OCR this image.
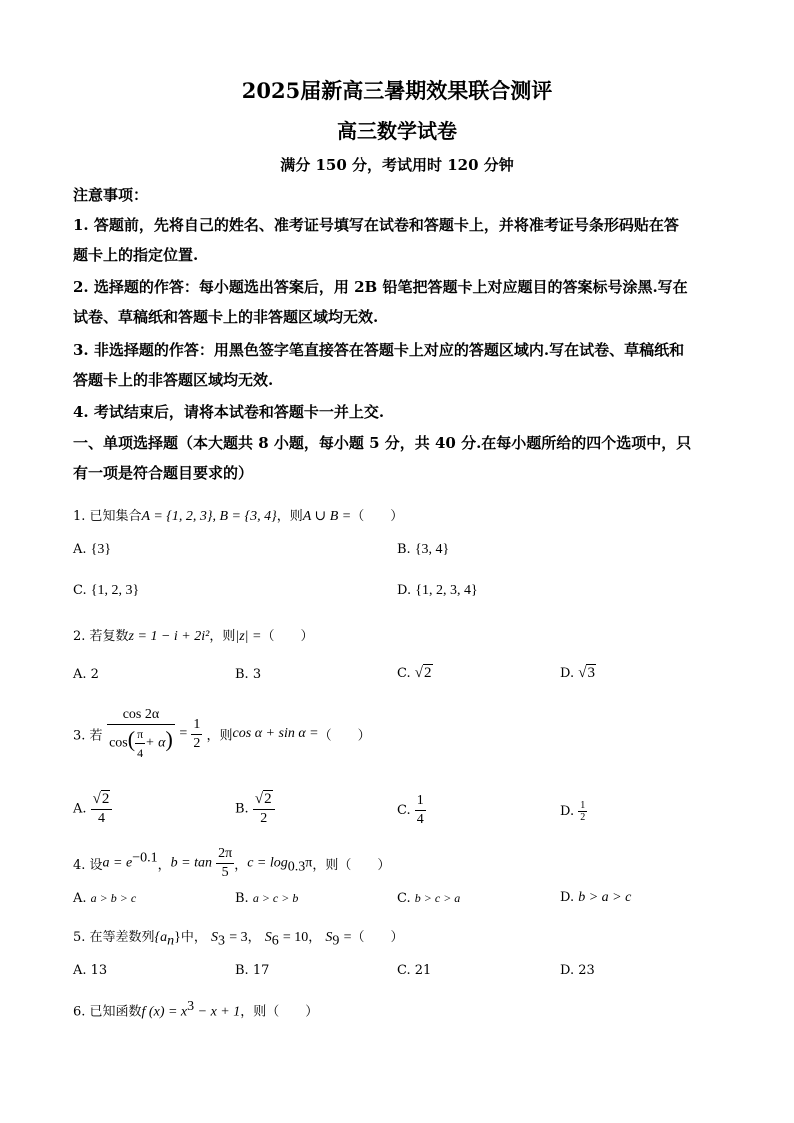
2025届新高三暑期效果联合测评
高三数学试卷
满分 150 分，考试用时 120 分钟
注意事项：
1. 答题前，先将自己的姓名、准考证号填写在试卷和答题卡上，并将准考证号条形码贴在答
题卡上的指定位置.
2. 选择题的作答：每小题选出答案后，用 2B 铅笔把答题卡上对应题目的答案标号涂黑.写在
试卷、草稿纸和答题卡上的非答题区域均无效.
3. 非选择题的作答：用黑色签字笔直接答在答题卡上对应的答题区域内.写在试卷、草稿纸和
答题卡上的非答题区域均无效.
4. 考试结束后，请将本试卷和答题卡一并上交.
一、单项选择题（本大题共 8 小题，每小题 5 分，共 40 分.在每小题所给的四个选项中，只
有一项是符合题目要求的）
1. 已知集合A = {1, 2, 3}, B = {3, 4}，则A ∪ B =（　　）
A. {3}	B. {3, 4}
C. {1, 2, 3}	D. {1, 2, 3, 4}
2. 若复数z = 1 − i + 2i²，则|z| =（　　）
A. 2	B. 3	C. √2	D. √3
3. 若 $\frac{\cos 2\alpha}{\cos( \frac{\pi}{4} + \alpha)} = \frac{1}{2}$ ，则cos α + sin α =（　　）
A. $\frac{√2}{4}$	B. $\frac{√2}{2}$	C. $\frac{1}{4}$	D. $\frac{1}{2}$
4. 设$a = e^{-0.1}$，$b = \tan \frac{2\pi}{5}$ ，$c = \log_{0.3}\pi$，则（　　）
A. a > b > c	B. a > c > b	C. b > c > a	D. b > a > c
5. 在等差数列$\{a_n\}$中， $S_3 = 3$， $S_6 = 10$， $S_9$ =（　　）
A. 13	B. 17	C. 21	D. 23
6. 已知函数f $(x) = x^3 - x + 1$，则（　　）
